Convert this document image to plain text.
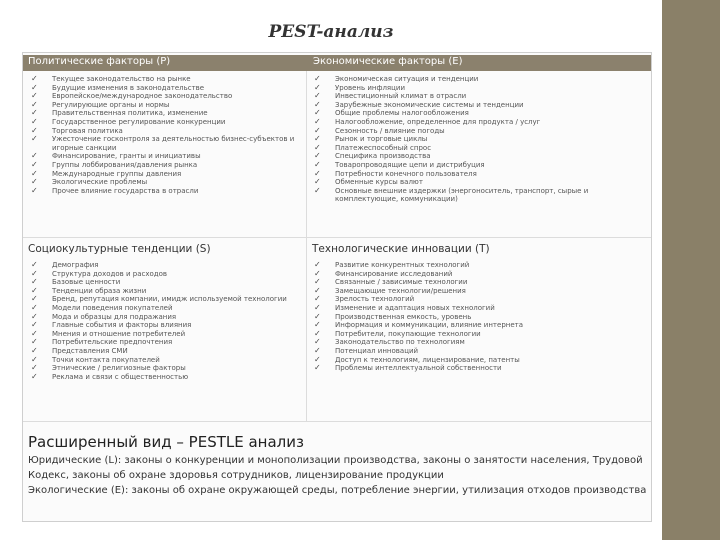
PEST-анализ
Политические факторы (P)	Экономические факторы (E)
✓ Текущее законодательство на рынке
✓ Будущие изменения в законодательстве
✓ Европейское/международное законодательство
✓ Регулирующие органы и нормы
✓ Правительственная политика, изменение
✓ Государственное регулирование конкуренции
✓ Торговая политика
✓ Ужесточение госконтроля за деятельностью бизнес-субъектов и
игорные санкции
✓ Финансирование, гранты и инициативы
✓ Группы лоббирования/давления рынка
✓ Международные группы давления
✓ Экологические проблемы
✓ Прочее влияние государства в отрасли
✓ Экономическая ситуация и тенденции
✓ Уровень инфляции
✓ Инвестиционный климат в отрасли
✓ Зарубежные экономические системы и тенденции
✓ Общие проблемы налогообложения
✓ Налогообложение, определенное для продукта / услуг
✓ Сезонность / влияние погоды
✓ Рынок и торговые циклы
✓ Платежеспособный спрос
✓ Специфика производства
✓ Товаропроводящие цепи и дистрибуция
✓ Потребности конечного пользователя
✓ Обменные курсы валют
✓ Основные внешние издержки (энергоноситель, транспорт, сырые и
комплектующие, коммуникации)
Социокультурные тенденции (S)	Технологические инновации (T)
✓ Демография
✓ Структура доходов и расходов
✓ Базовые ценности
✓ Тенденции образа жизни
✓ Бренд, репутация компании, имидж используемой технологии
✓ Модели поведения покупателей
✓ Мода и образцы для подражания
✓ Главные события и факторы влияния
✓ Мнения и отношение потребителей
✓ Потребительские предпочтения
✓ Представления СМИ
✓ Точки контакта покупателей
✓ Этнические / религиозные факторы
✓ Реклама и связи с общественностью
✓ Развитие конкурентных технологий
✓ Финансирование исследований
✓ Связанные / зависимые технологии
✓ Замещающие технологии/решения
✓ Зрелость технологий
✓ Изменение и адаптация новых технологий
✓ Производственная емкость, уровень
✓ Информация и коммуникации, влияние интернета
✓ Потребители, покупающие технологии
✓ Законодательство по технологиям
✓ Потенциал инноваций
✓ Доступ к технологиям, лицензирование, патенты
✓ Проблемы интеллектуальной собственности
Расширенный вид – PESTLE анализ
Юридические (L): законы о конкуренции и монополизации производства, законы о занятости населения, Трудовой
Кодекс, законы об охране здоровья сотрудников, лицензирование продукции
Экологические (E): законы об охране окружающей среды, потребление энергии, утилизация отходов производства
